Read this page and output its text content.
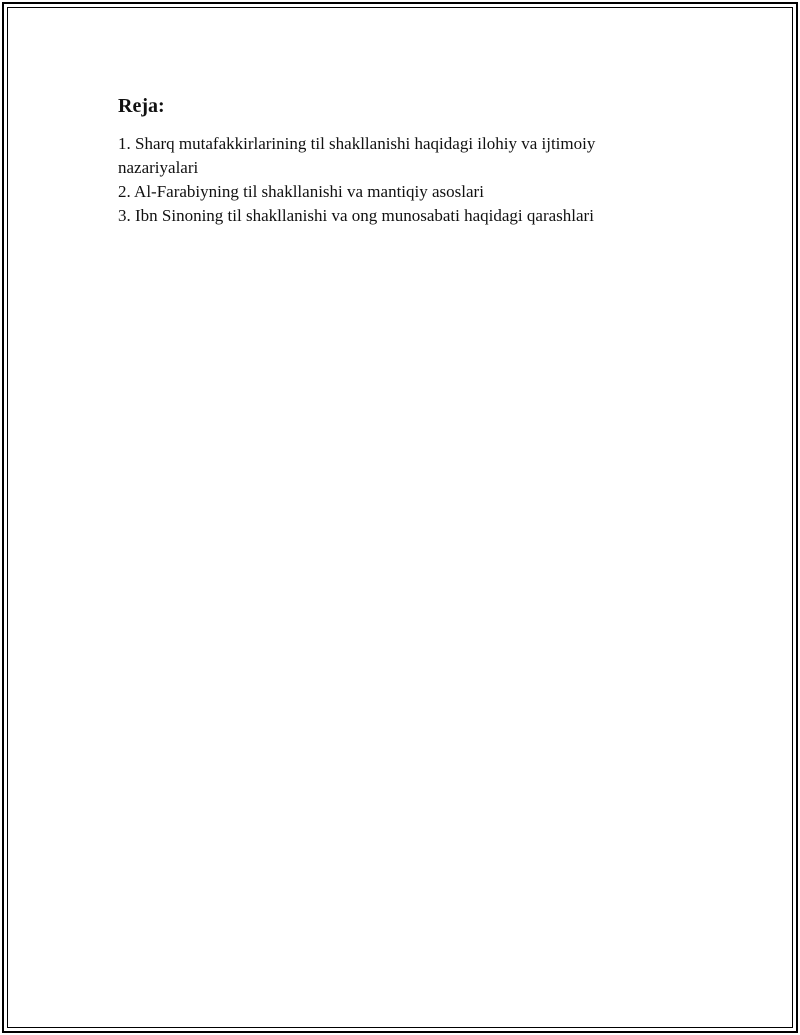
Reja:
1. Sharq mutafakkirlarining til shakllanishi haqidagi ilohiy va ijtimoiy nazariyalari
2. Al-Farabiyning til shakllanishi va mantiqiy asoslari
3. Ibn Sinoning til shakllanishi va ong munosabati haqidagi qarashlari
